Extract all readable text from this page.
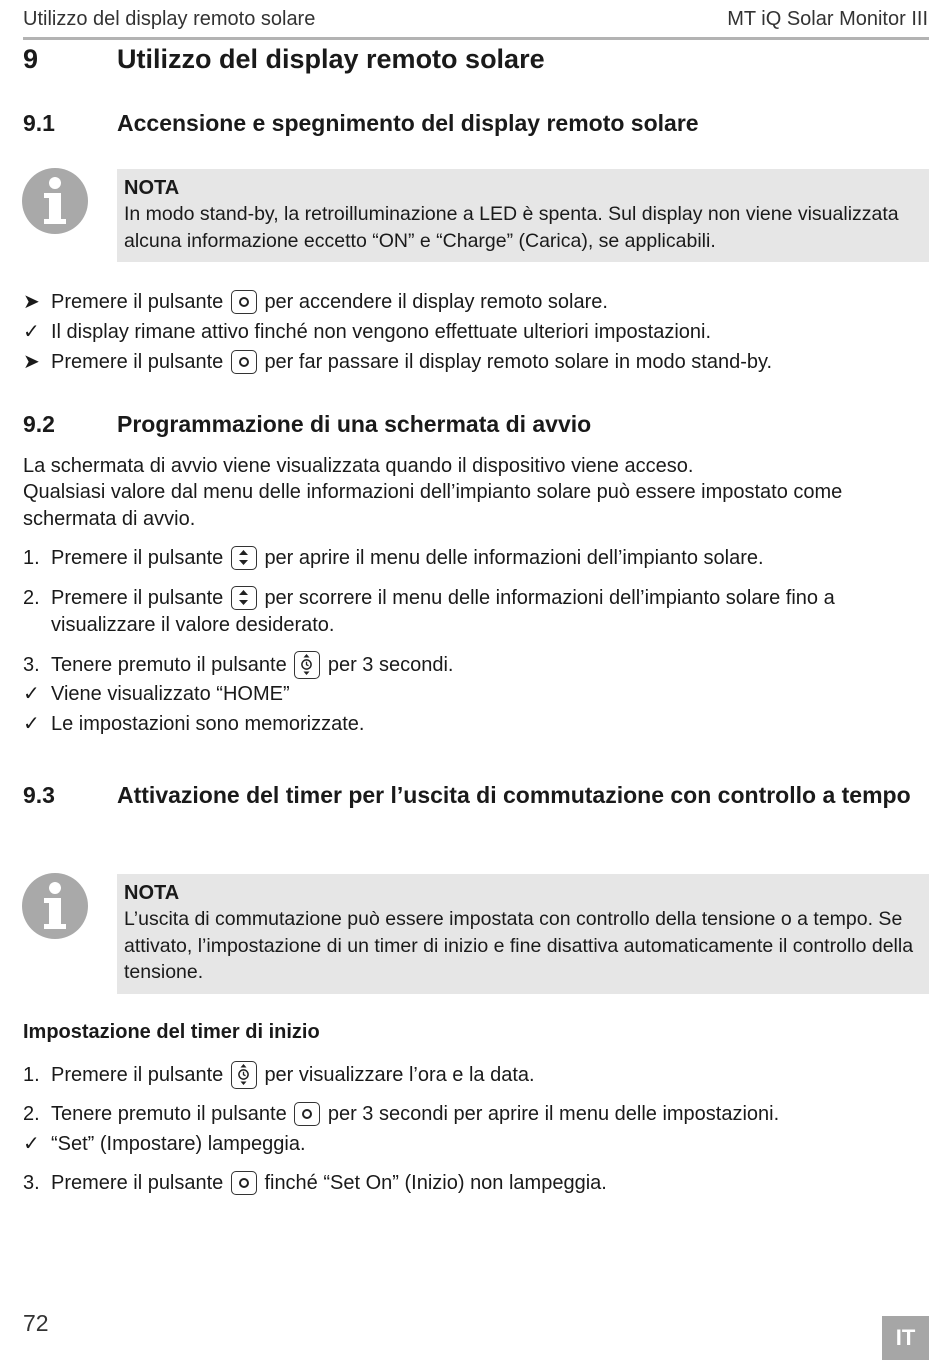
Utilizzo del display remoto solare	MT iQ Solar Monitor III
9	Utilizzo del display remoto solare
9.1	Accensione e spegnimento del display remoto solare
NOTA
In modo stand-by, la retroilluminazione a LED è spenta. Sul display non viene visualizzata alcuna informazione eccetto “ON” e “Charge” (Carica), se applicabili.
➤ Premere il pulsante per accendere il display remoto solare.
✓ Il display rimane attivo finché non vengono effettuate ulteriori impostazioni.
➤ Premere il pulsante per far passare il display remoto solare in modo stand-by.
9.2	Programmazione di una schermata di avvio
La schermata di avvio viene visualizzata quando il dispositivo viene acceso.
Qualsiasi valore dal menu delle informazioni dell’impianto solare può essere impostato come schermata di avvio.
1. Premere il pulsante per aprire il menu delle informazioni dell’impianto solare.
2. Premere il pulsante per scorrere il menu delle informazioni dell’impianto solare fino a visualizzare il valore desiderato.
3. Tenere premuto il pulsante per 3 secondi.
✓ Viene visualizzato “HOME”
✓ Le impostazioni sono memorizzate.
9.3	Attivazione del timer per l’uscita di commutazione con controllo a tempo
NOTA
L’uscita di commutazione può essere impostata con controllo della tensione o a tempo. Se attivato, l’impostazione di un timer di inizio e fine disattiva automaticamente il controllo della tensione.
Impostazione del timer di inizio
1. Premere il pulsante per visualizzare l’ora e la data.
2. Tenere premuto il pulsante per 3 secondi per aprire il menu delle impostazioni.
✓ “Set” (Impostare) lampeggia.
3. Premere il pulsante finché “Set On” (Inizio) non lampeggia.
72
IT
